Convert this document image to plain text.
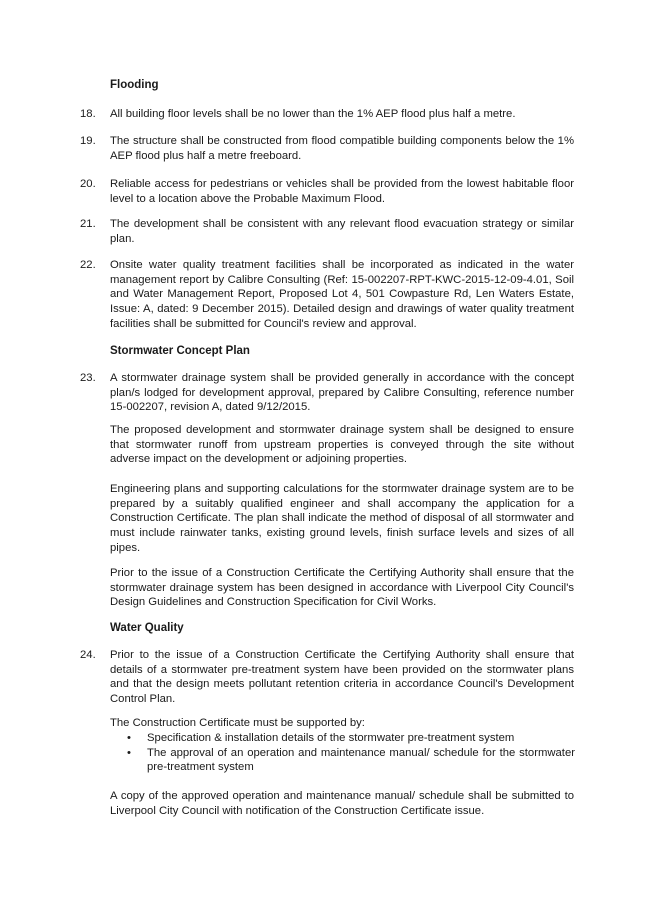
Flooding
18. All building floor levels shall be no lower than the 1% AEP flood plus half a metre.
19. The structure shall be constructed from flood compatible building components below the 1% AEP flood plus half a metre freeboard.
20. Reliable access for pedestrians or vehicles shall be provided from the lowest habitable floor level to a location above the Probable Maximum Flood.
21. The development shall be consistent with any relevant flood evacuation strategy or similar plan.
22. Onsite water quality treatment facilities shall be incorporated as indicated in the water management report by Calibre Consulting (Ref: 15-002207-RPT-KWC-2015-12-09-4.01, Soil and Water Management Report, Proposed Lot 4, 501 Cowpasture Rd, Len Waters Estate, Issue: A, dated: 9 December 2015). Detailed design and drawings of water quality treatment facilities shall be submitted for Council's review and approval.
Stormwater Concept Plan
23. A stormwater drainage system shall be provided generally in accordance with the concept plan/s lodged for development approval, prepared by Calibre Consulting, reference number 15-002207, revision A, dated 9/12/2015.
The proposed development and stormwater drainage system shall be designed to ensure that stormwater runoff from upstream properties is conveyed through the site without adverse impact on the development or adjoining properties.
Engineering plans and supporting calculations for the stormwater drainage system are to be prepared by a suitably qualified engineer and shall accompany the application for a Construction Certificate. The plan shall indicate the method of disposal of all stormwater and must include rainwater tanks, existing ground levels, finish surface levels and sizes of all pipes.
Prior to the issue of a Construction Certificate the Certifying Authority shall ensure that the stormwater drainage system has been designed in accordance with Liverpool City Council's Design Guidelines and Construction Specification for Civil Works.
Water Quality
24. Prior to the issue of a Construction Certificate the Certifying Authority shall ensure that details of a stormwater pre-treatment system have been provided on the stormwater plans and that the design meets pollutant retention criteria in accordance Council's Development Control Plan.
The Construction Certificate must be supported by:
• Specification & installation details of the stormwater pre-treatment system
• The approval of an operation and maintenance manual/ schedule for the stormwater pre-treatment system
A copy of the approved operation and maintenance manual/ schedule shall be submitted to Liverpool City Council with notification of the Construction Certificate issue.
